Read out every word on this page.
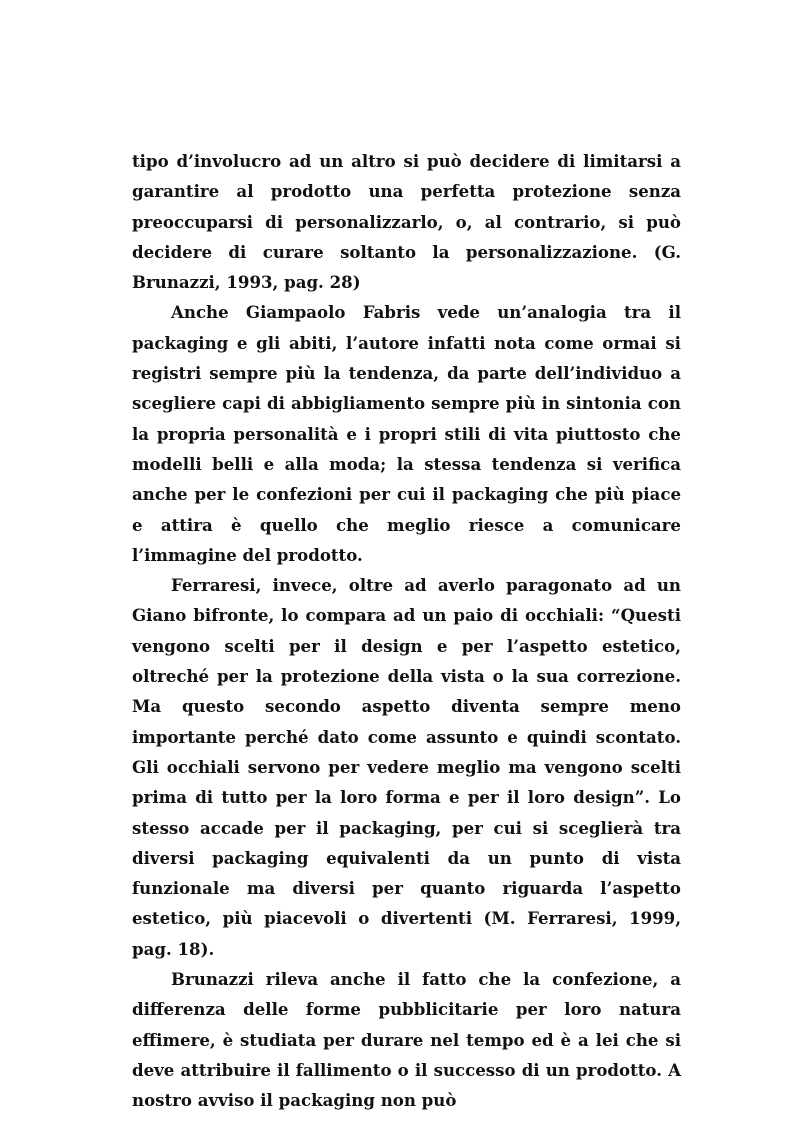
tipo d’involucro ad un altro si può decidere di limitarsi a garantire al prodotto una perfetta protezione senza preoccuparsi di personalizzarlo, o, al contrario, si può decidere di curare soltanto la personalizzazione. (G. Brunazzi, 1993, pag. 28)

Anche Giampaolo Fabris vede un’analogia tra il packaging e gli abiti, l’autore infatti nota come ormai si registri sempre più la tendenza, da parte dell’individuo a scegliere capi di abbigliamento sempre più in sintonia con la propria personalità e i propri stili di vita piuttosto che modelli belli e alla moda; la stessa tendenza si verifica anche per le confezioni per cui il packaging che più piace e attira è quello che meglio riesce a comunicare l’immagine del prodotto.

Ferraresi, invece, oltre ad averlo paragonato ad un Giano bifronte, lo compara ad un paio di occhiali: “Questi vengono scelti per il design e per l’aspetto estetico, oltreché per la protezione della vista o la sua correzione. Ma questo secondo aspetto diventa sempre meno importante perché dato come assunto e quindi scontato. Gli occhiali servono per vedere meglio ma vengono scelti prima di tutto per la loro forma e per il loro design”. Lo stesso accade per il packaging, per cui si sceglierà tra diversi packaging equivalenti da un punto di vista funzionale ma diversi per quanto riguarda l’aspetto estetico, più piacevoli o divertenti (M. Ferraresi, 1999, pag. 18).

Brunazzi rileva anche il fatto che la confezione, a differenza delle forme pubblicitarie per loro natura effimere, è studiata per durare nel tempo ed è a lei che si deve attribuire il fallimento o il successo di un prodotto. A nostro avviso il packaging non può
